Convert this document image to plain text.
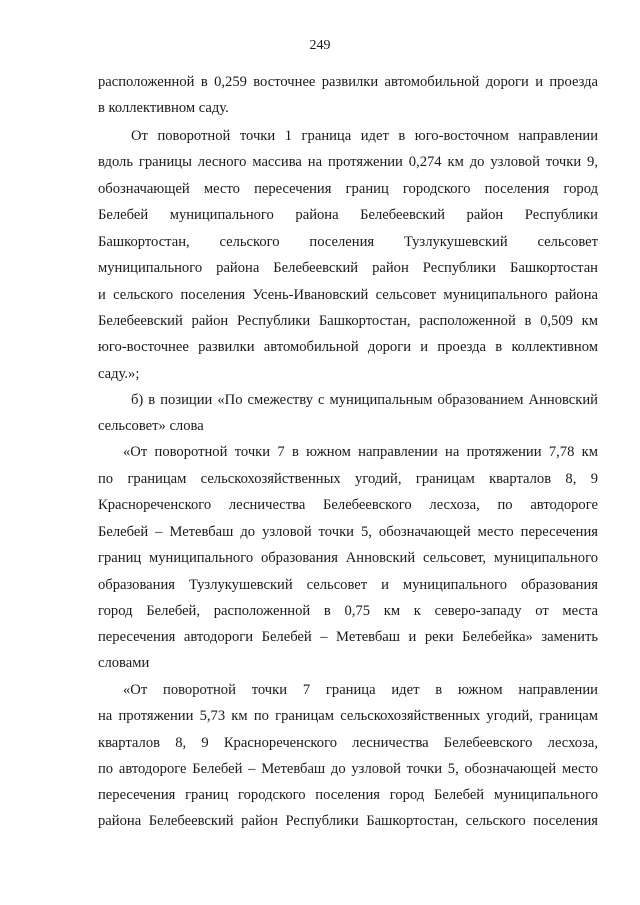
249
расположенной в 0,259 восточнее развилки автомобильной дороги и проезда
в коллективном саду.
От поворотной точки 1 граница идет в юго-восточном направлении
вдоль границы лесного массива на протяжении 0,274 км до узловой точки 9,
обозначающей место пересечения границ городского поселения город
Белебей муниципального района Белебеевский район Республики
Башкортостан, сельского поселения Тузлукушевский сельсовет
муниципального района Белебеевский район Республики Башкортостан
и сельского поселения Усень-Ивановский сельсовет муниципального района
Белебеевский район Республики Башкортостан, расположенной в 0,509 км
юго-восточнее развилки автомобильной дороги и проезда в коллективном
саду.»;
б) в позиции «По смежеству с муниципальным образованием Анновский
сельсовет» слова
«От поворотной точки 7 в южном направлении на протяжении 7,78 км
по границам сельскохозяйственных угодий, границам кварталов 8, 9
Краснореченского лесничества Белебеевского лесхоза, по автодороге
Белебей – Метевбаш до узловой точки 5, обозначающей место пересечения
границ муниципального образования Анновский сельсовет, муниципального
образования Тузлукушевский сельсовет и муниципального образования
город Белебей, расположенной в 0,75 км к северо-западу от места
пересечения автодороги Белебей – Метевбаш и реки Белебейка» заменить
словами
«От поворотной точки 7 граница идет в южном направлении
на протяжении 5,73 км по границам сельскохозяйственных угодий, границам
кварталов 8, 9 Краснореченского лесничества Белебеевского лесхоза,
по автодороге Белебей – Метевбаш до узловой точки 5, обозначающей место
пересечения границ городского поселения город Белебей муниципального
района Белебеевский район Республики Башкортостан, сельского поселения
